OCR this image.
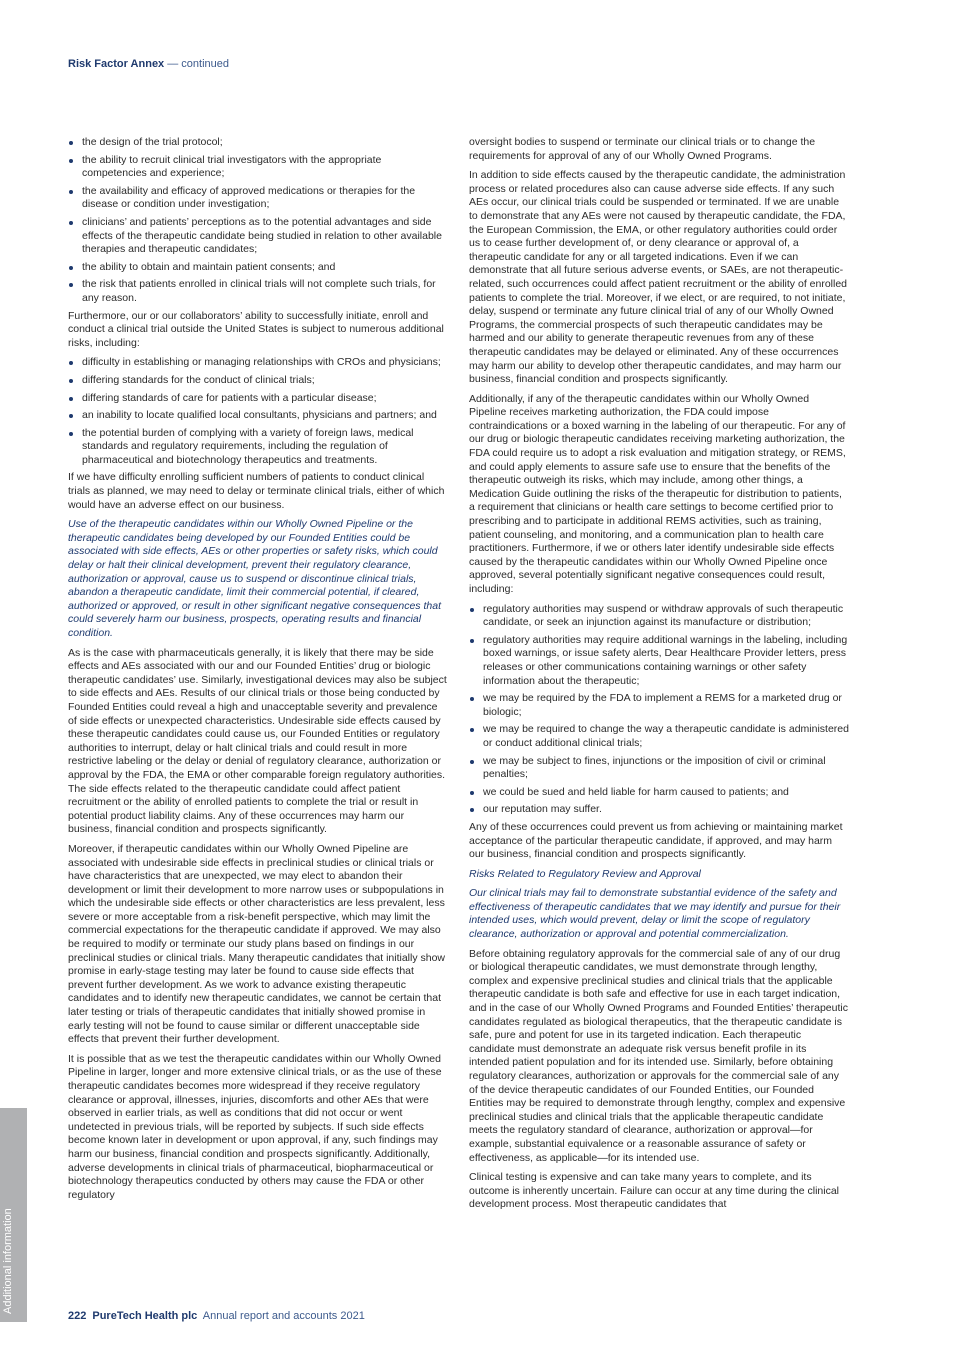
Risk Factor Annex — continued
the design of the trial protocol;
the ability to recruit clinical trial investigators with the appropriate competencies and experience;
the availability and efficacy of approved medications or therapies for the disease or condition under investigation;
clinicians’ and patients’ perceptions as to the potential advantages and side effects of the therapeutic candidate being studied in relation to other available therapies and therapeutic candidates;
the ability to obtain and maintain patient consents; and
the risk that patients enrolled in clinical trials will not complete such trials, for any reason.

Furthermore, our or our collaborators’ ability to successfully initiate, enroll and conduct a clinical trial outside the United States is subject to numerous additional risks, including:

difficulty in establishing or managing relationships with CROs and physicians;
differing standards for the conduct of clinical trials;
differing standards of care for patients with a particular disease;
an inability to locate qualified local consultants, physicians and partners; and
the potential burden of complying with a variety of foreign laws, medical standards and regulatory requirements, including the regulation of pharmaceutical and biotechnology therapeutics and treatments.

If we have difficulty enrolling sufficient numbers of patients to conduct clinical trials as planned, we may need to delay or terminate clinical trials, either of which would have an adverse effect on our business.

Use of the therapeutic candidates within our Wholly Owned Pipeline or the therapeutic candidates being developed by our Founded Entities could be associated with side effects, AEs or other properties or safety risks, which could delay or halt their clinical development, prevent their regulatory clearance, authorization or approval, cause us to suspend or discontinue clinical trials, abandon a therapeutic candidate, limit their commercial potential, if cleared, authorized or approved, or result in other significant negative consequences that could severely harm our business, prospects, operating results and financial condition.

As is the case with pharmaceuticals generally, it is likely that there may be side effects and AEs associated with our and our Founded Entities’ drug or biologic therapeutic candidates’ use. Similarly, investigational devices may also be subject to side effects and AEs. Results of our clinical trials or those being conducted by Founded Entities could reveal a high and unacceptable severity and prevalence of side effects or unexpected characteristics. Undesirable side effects caused by these therapeutic candidates could cause us, our Founded Entities or regulatory authorities to interrupt, delay or halt clinical trials and could result in more restrictive labeling or the delay or denial of regulatory clearance, authorization or approval by the FDA, the EMA or other comparable foreign regulatory authorities. The side effects related to the therapeutic candidate could affect patient recruitment or the ability of enrolled patients to complete the trial or result in potential product liability claims. Any of these occurrences may harm our business, financial condition and prospects significantly.

Moreover, if therapeutic candidates within our Wholly Owned Pipeline are associated with undesirable side effects in preclinical studies or clinical trials or have characteristics that are unexpected, we may elect to abandon their development or limit their development to more narrow uses or subpopulations in which the undesirable side effects or other characteristics are less prevalent, less severe or more acceptable from a risk-benefit perspective, which may limit the commercial expectations for the therapeutic candidate if approved. We may also be required to modify or terminate our study plans based on findings in our preclinical studies or clinical trials. Many therapeutic candidates that initially show promise in early-stage testing may later be found to cause side effects that prevent further development. As we work to advance existing therapeutic candidates and to identify new therapeutic candidates, we cannot be certain that later testing or trials of therapeutic candidates that initially showed promise in early testing will not be found to cause similar or different unacceptable side effects that prevent their further development.

It is possible that as we test the therapeutic candidates within our Wholly Owned Pipeline in larger, longer and more extensive clinical trials, or as the use of these therapeutic candidates becomes more widespread if they receive regulatory clearance or approval, illnesses, injuries, discomforts and other AEs that were observed in earlier trials, as well as conditions that did not occur or went undetected in previous trials, will be reported by subjects. If such side effects become known later in development or upon approval, if any, such findings may harm our business, financial condition and prospects significantly. Additionally, adverse developments in clinical trials of pharmaceutical, biopharmaceutical or biotechnology therapeutics conducted by others may cause the FDA or other regulatory

oversight bodies to suspend or terminate our clinical trials or to change the requirements for approval of any of our Wholly Owned Programs.

In addition to side effects caused by the therapeutic candidate, the administration process or related procedures also can cause adverse side effects. If any such AEs occur, our clinical trials could be suspended or terminated. If we are unable to demonstrate that any AEs were not caused by therapeutic candidate, the FDA, the European Commission, the EMA, or other regulatory authorities could order us to cease further development of, or deny clearance or approval of, a therapeutic candidate for any or all targeted indications. Even if we can demonstrate that all future serious adverse events, or SAEs, are not therapeutic-related, such occurrences could affect patient recruitment or the ability of enrolled patients to complete the trial. Moreover, if we elect, or are required, to not initiate, delay, suspend or terminate any future clinical trial of any of our Wholly Owned Programs, the commercial prospects of such therapeutic candidates may be harmed and our ability to generate therapeutic revenues from any of these therapeutic candidates may be delayed or eliminated. Any of these occurrences may harm our ability to develop other therapeutic candidates, and may harm our business, financial condition and prospects significantly.

Additionally, if any of the therapeutic candidates within our Wholly Owned Pipeline receives marketing authorization, the FDA could impose contraindications or a boxed warning in the labeling of our therapeutic. For any of our drug or biologic therapeutic candidates receiving marketing authorization, the FDA could require us to adopt a risk evaluation and mitigation strategy, or REMS, and could apply elements to assure safe use to ensure that the benefits of the therapeutic outweigh its risks, which may include, among other things, a Medication Guide outlining the risks of the therapeutic for distribution to patients, a requirement that clinicians or health care settings to become certified prior to prescribing and to participate in additional REMS activities, such as training, patient counseling, and monitoring, and a communication plan to health care practitioners. Furthermore, if we or others later identify undesirable side effects caused by the therapeutic candidates within our Wholly Owned Pipeline once approved, several potentially significant negative consequences could result, including:

regulatory authorities may suspend or withdraw approvals of such therapeutic candidate, or seek an injunction against its manufacture or distribution;
regulatory authorities may require additional warnings in the labeling, including boxed warnings, or issue safety alerts, Dear Healthcare Provider letters, press releases or other communications containing warnings or other safety information about the therapeutic;
we may be required by the FDA to implement a REMS for a marketed drug or biologic;
we may be required to change the way a therapeutic candidate is administered or conduct additional clinical trials;
we may be subject to fines, injunctions or the imposition of civil or criminal penalties;
we could be sued and held liable for harm caused to patients; and
our reputation may suffer.

Any of these occurrences could prevent us from achieving or maintaining market acceptance of the particular therapeutic candidate, if approved, and may harm our business, financial condition and prospects significantly.

Risks Related to Regulatory Review and Approval

Our clinical trials may fail to demonstrate substantial evidence of the safety and effectiveness of therapeutic candidates that we may identify and pursue for their intended uses, which would prevent, delay or limit the scope of regulatory clearance, authorization or approval and potential commercialization.

Before obtaining regulatory approvals for the commercial sale of any of our drug or biological therapeutic candidates, we must demonstrate through lengthy, complex and expensive preclinical studies and clinical trials that the applicable therapeutic candidate is both safe and effective for use in each target indication, and in the case of our Wholly Owned Programs and Founded Entities’ therapeutic candidates regulated as biological therapeutics, that the therapeutic candidate is safe, pure and potent for use in its targeted indication. Each therapeutic candidate must demonstrate an adequate risk versus benefit profile in its intended patient population and for its intended use. Similarly, before obtaining regulatory clearances, authorization or approvals for the commercial sale of any of the device therapeutic candidates of our Founded Entities, our Founded Entities may be required to demonstrate through lengthy, complex and expensive preclinical studies and clinical trials that the applicable therapeutic candidate meets the regulatory standard of clearance, authorization or approval—for example, substantial equivalence or a reasonable assurance of safety or effectiveness, as applicable—for its intended use.

Clinical testing is expensive and can take many years to complete, and its outcome is inherently uncertain. Failure can occur at any time during the clinical development process. Most therapeutic candidates that

Additional information
222 PureTech Health plc Annual report and accounts 2021
